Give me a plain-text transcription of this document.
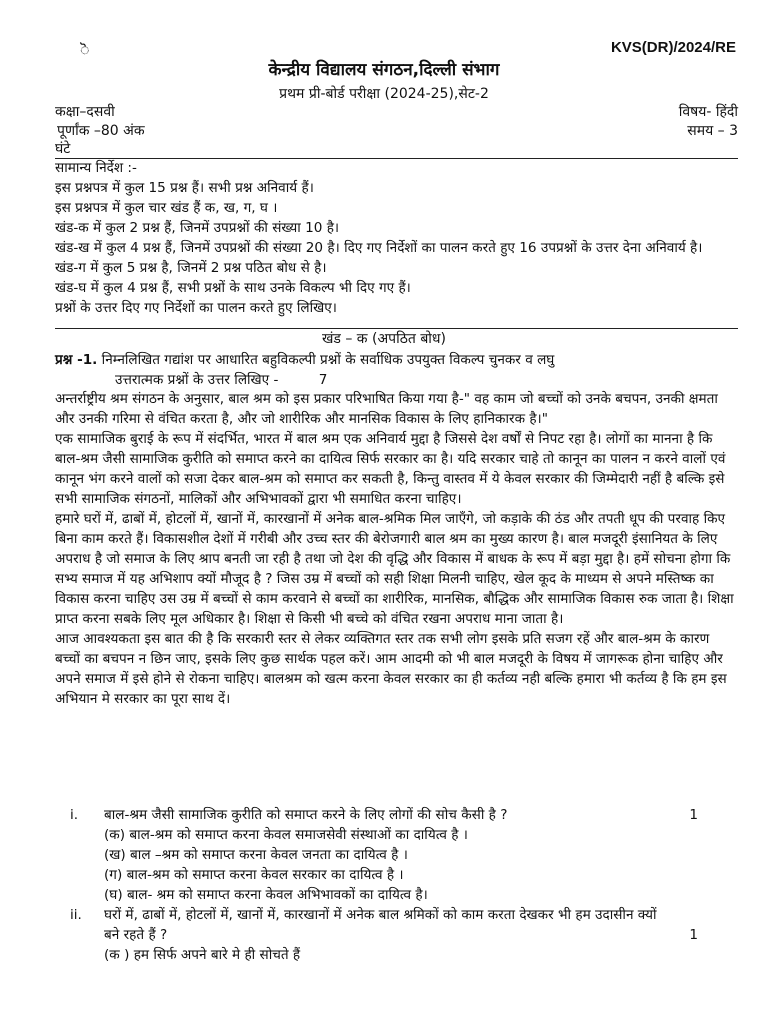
◌ॆ	KVS(DR)/2024/RE
केन्द्रीय विद्यालय संगठन,दिल्ली संभाग
प्रथम प्री-बोर्ड परीक्षा (2024-25),सेट-2
कक्षा–दसवी	विषय- हिंदी
पूर्णांक –80 अंक	समय – 3
घंटे

सामान्य निर्देश :-

इस प्रश्नपत्र में कुल 15 प्रश्न हैं। सभी प्रश्न अनिवार्य हैं।

इस प्रश्नपत्र में कुल चार खंड हैं क, ख, ग, घ ।

खंड-क में कुल 2 प्रश्न हैं, जिनमें उपप्रश्नों की संख्या 10 है।

खंड-ख में कुल 4 प्रश्न हैं, जिनमें उपप्रश्नों की संख्या 20 है। दिए गए निर्देशों का पालन करते हुए 16 उपप्रश्नों के उत्तर देना अनिवार्य है।

खंड-ग में कुल 5 प्रश्न है, जिनमें 2 प्रश्न पठित बोध से है।

खंड-घ में कुल 4 प्रश्न हैं, सभी प्रश्नों के साथ उनके विकल्प भी दिए गए हैं।

प्रश्नों के उत्तर दिए गए निर्देशों का पालन करते हुए लिखिए।

खंड – क (अपठित बोध)
प्रश्न -1. निम्नलिखित गद्यांश पर आधारित बहुविकल्पी प्रश्नों के सर्वाधिक उपयुक्त विकल्प चुनकर व लघु
उत्तरात्मक प्रश्नों के उत्तर लिखिए -	7

अन्तर्राष्ट्रीय श्रम संगठन के अनुसार, बाल श्रम को इस प्रकार परिभाषित किया गया है-" वह काम जो बच्चों को उनके बचपन, उनकी क्षमता और उनकी गरिमा से वंचित करता है, और जो शारीरिक और मानसिक विकास के लिए हानिकारक है।"

एक सामाजिक बुराई के रूप में संदर्भित, भारत में बाल श्रम एक अनिवार्य मुद्दा है जिससे देश वर्षों से निपट रहा है। लोगों का मानना है कि बाल-श्रम जैसी सामाजिक कुरीति को समाप्त करने का दायित्व सिर्फ सरकार का है। यदि सरकार चाहे तो कानून का पालन न करने वालों एवं कानून भंग करने वालों को सजा देकर बाल-श्रम को समाप्त कर सकती है, किन्तु वास्तव में ये केवल सरकार की जिम्मेदारी नहीं है बल्कि इसे सभी सामाजिक संगठनों, मालिकों और अभिभावकों द्वारा भी समाधित करना चाहिए।

हमारे घरों में, ढाबों में, होटलों में, खानों में, कारखानों में अनेक बाल-श्रमिक मिल जाएँगे, जो कड़ाके की ठंड और तपती धूप की परवाह किए बिना काम करते हैं। विकासशील देशों में गरीबी और उच्च स्तर की बेरोजगारी बाल श्रम का मुख्य कारण है। बाल मजदूरी इंसानियत के लिए अपराध है जो समाज के लिए श्राप बनती जा रही है तथा जो देश की वृद्धि और विकास में बाधक के रूप में बड़ा मुद्दा है। हमें सोचना होगा कि सभ्य समाज में यह अभिशाप क्यों मौजूद है ? जिस उम्र में बच्चों को सही शिक्षा मिलनी चाहिए, खेल कूद के माध्यम से अपने मस्तिष्क का विकास करना चाहिए उस उम्र में बच्चों से काम करवाने से बच्चों का शारीरिक, मानसिक, बौद्धिक और सामाजिक विकास रुक जाता है। शिक्षा प्राप्त करना सबके लिए मूल अधिकार है। शिक्षा से किसी भी बच्चे को वंचित रखना अपराध माना जाता है।

आज आवश्यकता इस बात की है कि सरकारी स्तर से लेकर व्यक्तिगत स्तर तक सभी लोग इसके प्रति सजग रहें और बाल-श्रम के कारण बच्चों का बचपन न छिन जाए, इसके लिए कुछ सार्थक पहल करें। आम आदमी को भी बाल मजदूरी के विषय में जागरूक होना चाहिए और अपने समाज में इसे होने से रोकना चाहिए। बालश्रम को खत्म करना केवल सरकार का ही कर्तव्य नही बल्कि हमारा भी कर्तव्य है कि हम इस अभियान मे सरकार का पूरा साथ दें।

i.	बाल-श्रम जैसी सामाजिक कुरीति को समाप्त करने के लिए लोगों की सोच कैसी है ?	1
(क) बाल-श्रम को समाप्त करना केवल समाजसेवी संस्थाओं का दायित्व है ।
(ख) बाल –श्रम को समाप्त करना केवल जनता का दायित्व है ।
(ग) बाल-श्रम को समाप्त करना केवल सरकार का दायित्व है ।
(घ) बाल- श्रम को समाप्त करना केवल अभिभावकों का दायित्व है।
ii.	घरों में, ढाबों में, होटलों में, खानों में, कारखानों में अनेक बाल श्रमिकों को काम करता देखकर भी हम उदासीन क्यों बने रहते हैं ?	1
(क ) हम सिर्फ अपने बारे मे ही सोचते हैं
